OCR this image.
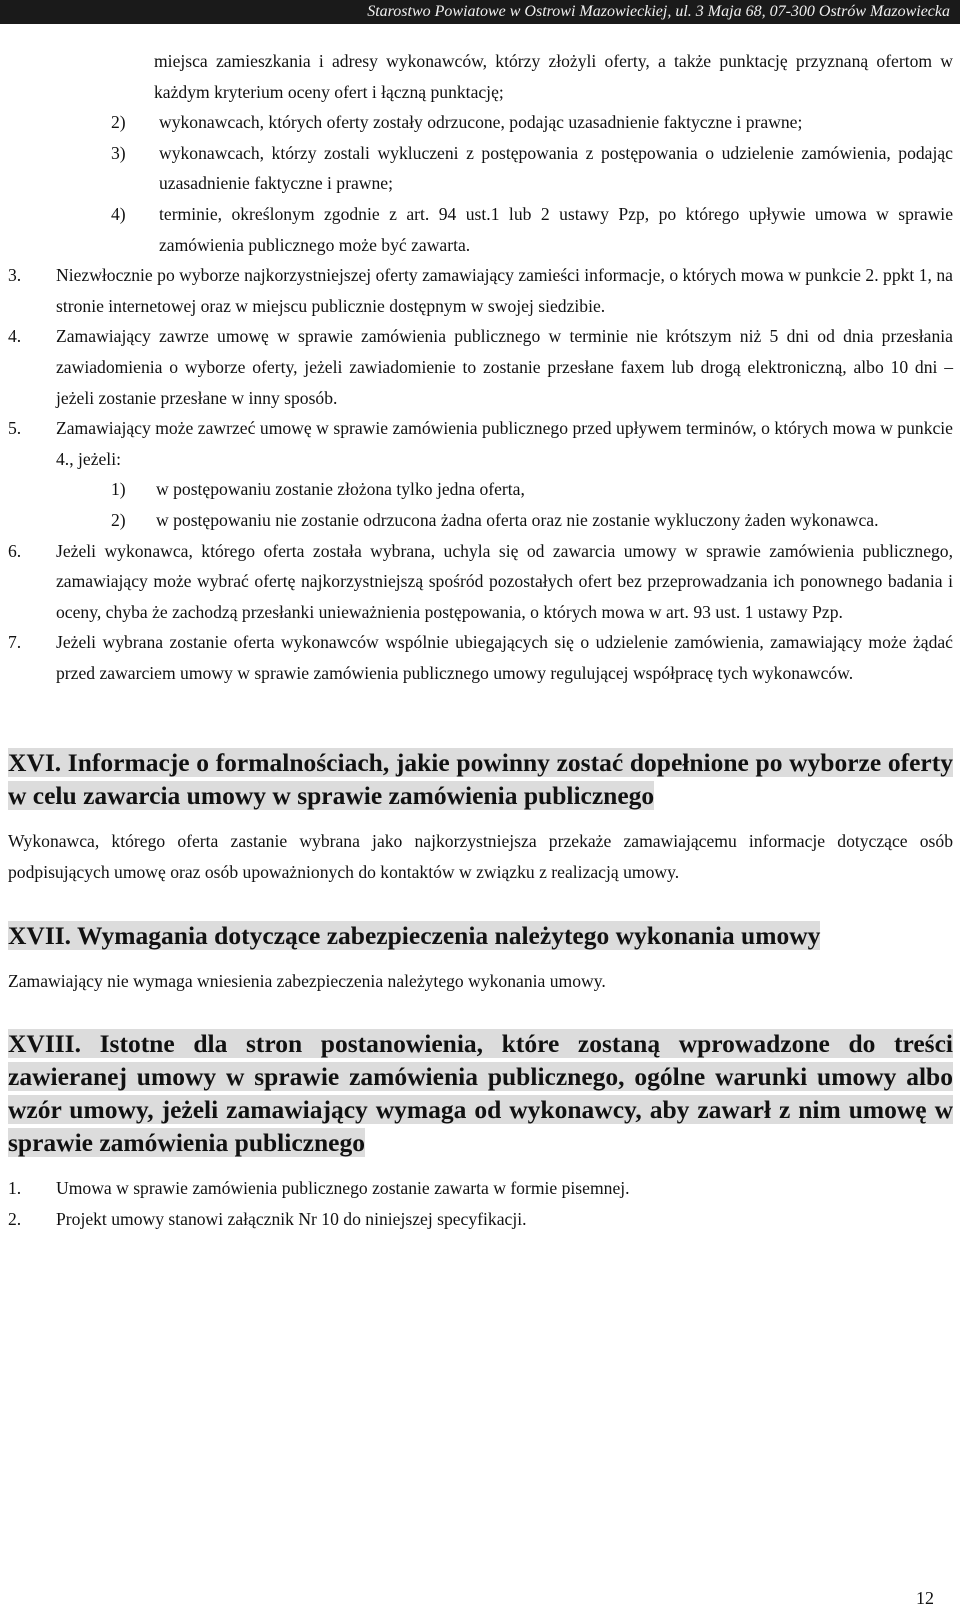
Starostwo Powiatowe w Ostrowi Mazowieckiej, ul. 3 Maja 68, 07-300 Ostrów Mazowiecka

miejsca zamieszkania i adresy wykonawców, którzy złożyli oferty, a także punktację przyznaną ofertom w każdym kryterium oceny ofert i łączną punktację;

2)	wykonawcach, których oferty zostały odrzucone, podając uzasadnienie faktyczne i prawne;
3)	wykonawcach, którzy zostali wykluczeni z postępowania z postępowania o udzielenie zamówienia, podając uzasadnienie faktyczne i prawne;
4)	terminie, określonym zgodnie z art. 94 ust.1 lub 2 ustawy Pzp, po którego upływie umowa w sprawie zamówienia publicznego może być zawarta.
3.	Niezwłocznie po wyborze najkorzystniejszej oferty zamawiający zamieści informacje, o których mowa w punkcie 2. ppkt 1, na stronie internetowej oraz w miejscu publicznie dostępnym w swojej siedzibie.
4.	Zamawiający zawrze umowę w sprawie zamówienia publicznego w terminie nie krótszym niż 5 dni od dnia przesłania zawiadomienia o wyborze oferty, jeżeli zawiadomienie to zostanie przesłane faxem lub drogą elektroniczną, albo 10 dni – jeżeli zostanie przesłane w inny sposób.
5.	Zamawiający może zawrzeć umowę w sprawie zamówienia publicznego przed upływem terminów, o których mowa w punkcie 4., jeżeli:
1)	w postępowaniu zostanie złożona tylko jedna oferta,
2)	w postępowaniu nie zostanie odrzucona żadna oferta oraz nie zostanie wykluczony żaden wykonawca.
6.	Jeżeli wykonawca, którego oferta została wybrana, uchyla się od zawarcia umowy w sprawie zamówienia publicznego, zamawiający może wybrać ofertę najkorzystniejszą spośród pozostałych ofert bez przeprowadzania ich ponownego badania i oceny, chyba że zachodzą przesłanki unieważnienia postępowania, o których mowa w art. 93 ust. 1 ustawy Pzp.
7.	Jeżeli wybrana zostanie oferta wykonawców wspólnie ubiegających się o udzielenie zamówienia, zamawiający może żądać przed zawarciem umowy w sprawie zamówienia publicznego umowy regulującej współpracę tych wykonawców.

XVI. Informacje o formalnościach, jakie powinny zostać dopełnione po wyborze oferty w celu zawarcia umowy w sprawie zamówienia publicznego

Wykonawca, którego oferta zastanie wybrana jako najkorzystniejsza przekaże zamawiającemu informacje dotyczące osób podpisujących umowę oraz osób upoważnionych do kontaktów w związku z realizacją umowy.

XVII. Wymagania dotyczące zabezpieczenia należytego wykonania umowy

Zamawiający nie wymaga wniesienia zabezpieczenia należytego wykonania umowy.

XVIII. Istotne dla stron postanowienia, które zostaną wprowadzone do treści zawieranej umowy w sprawie zamówienia publicznego, ogólne warunki umowy albo wzór umowy, jeżeli zamawiający wymaga od wykonawcy, aby zawarł z nim umowę w sprawie zamówienia publicznego

1.	Umowa w sprawie zamówienia publicznego zostanie zawarta w formie pisemnej.
2.	Projekt umowy stanowi załącznik Nr 10 do niniejszej specyfikacji.
12
